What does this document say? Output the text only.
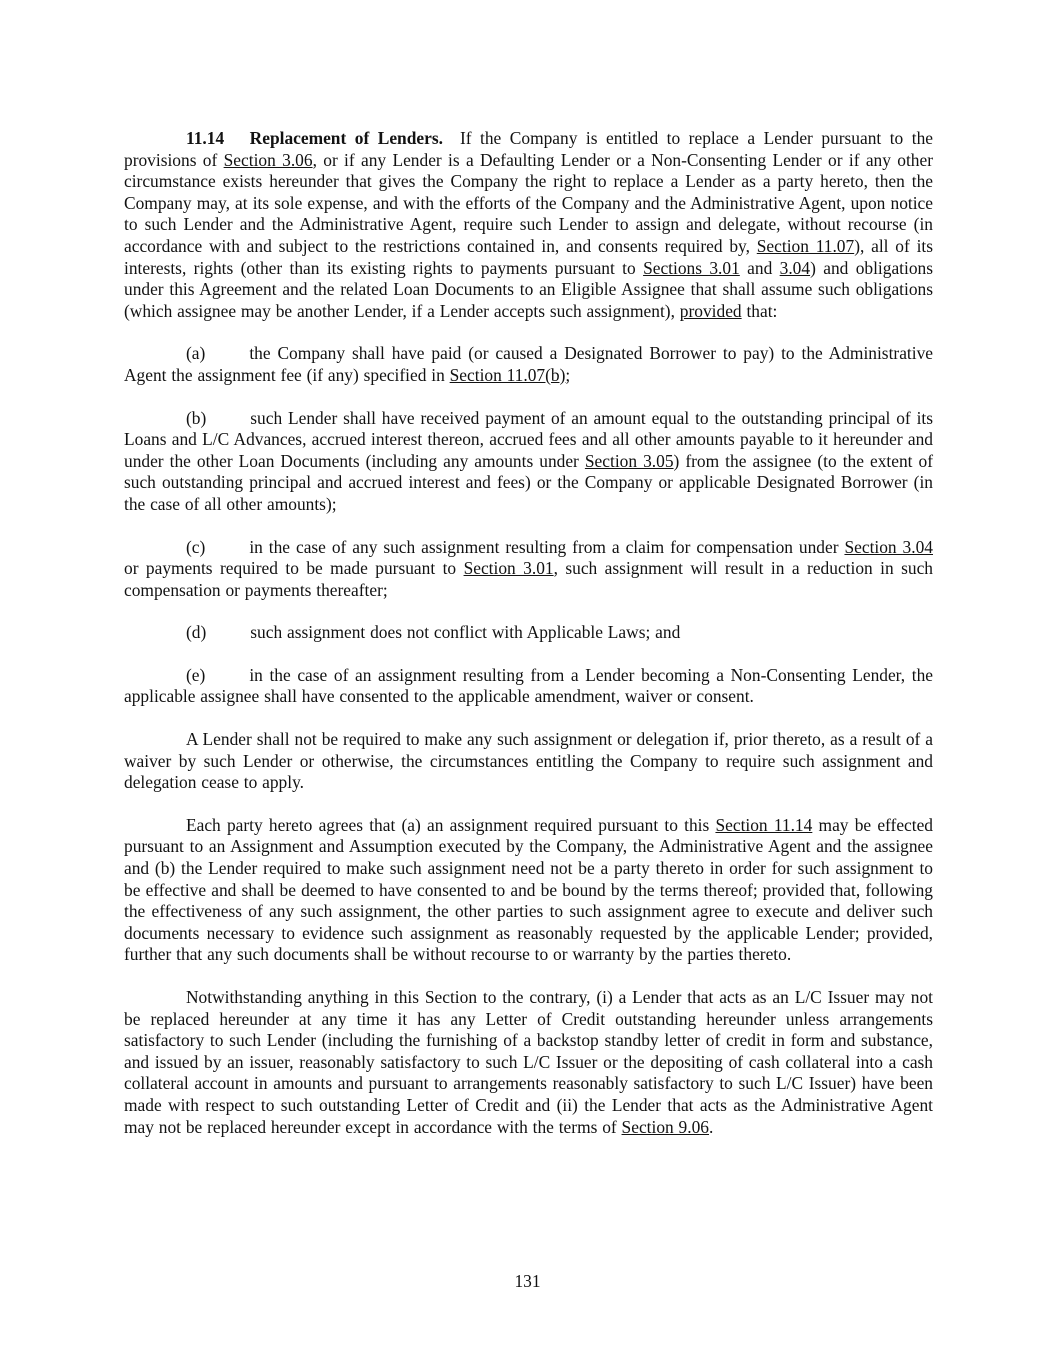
11.14   Replacement of Lenders.  If the Company is entitled to replace a Lender pursuant to the provisions of Section 3.06, or if any Lender is a Defaulting Lender or a Non-Consenting Lender or if any other circumstance exists hereunder that gives the Company the right to replace a Lender as a party hereto, then the Company may, at its sole expense, and with the efforts of the Company and the Administrative Agent, upon notice to such Lender and the Administrative Agent, require such Lender to assign and delegate, without recourse (in accordance with and subject to the restrictions contained in, and consents required by, Section 11.07), all of its interests, rights (other than its existing rights to payments pursuant to Sections 3.01 and 3.04) and obligations under this Agreement and the related Loan Documents to an Eligible Assignee that shall assume such obligations (which assignee may be another Lender, if a Lender accepts such assignment), provided that:

(a)	the Company shall have paid (or caused a Designated Borrower to pay) to the Administrative Agent the assignment fee (if any) specified in Section 11.07(b);

(b)	such Lender shall have received payment of an amount equal to the outstanding principal of its Loans and L/C Advances, accrued interest thereon, accrued fees and all other amounts payable to it hereunder and under the other Loan Documents (including any amounts under Section 3.05) from the assignee (to the extent of such outstanding principal and accrued interest and fees) or the Company or applicable Designated Borrower (in the case of all other amounts);

(c)	in the case of any such assignment resulting from a claim for compensation under Section 3.04 or payments required to be made pursuant to Section 3.01, such assignment will result in a reduction in such compensation or payments thereafter;

(d)	such assignment does not conflict with Applicable Laws; and

(e)	in the case of an assignment resulting from a Lender becoming a Non-Consenting Lender, the applicable assignee shall have consented to the applicable amendment, waiver or consent.

A Lender shall not be required to make any such assignment or delegation if, prior thereto, as a result of a waiver by such Lender or otherwise, the circumstances entitling the Company to require such assignment and delegation cease to apply.

Each party hereto agrees that (a) an assignment required pursuant to this Section 11.14 may be effected pursuant to an Assignment and Assumption executed by the Company, the Administrative Agent and the assignee and (b) the Lender required to make such assignment need not be a party thereto in order for such assignment to be effective and shall be deemed to have consented to and be bound by the terms thereof; provided that, following the effectiveness of any such assignment, the other parties to such assignment agree to execute and deliver such documents necessary to evidence such assignment as reasonably requested by the applicable Lender; provided, further that any such documents shall be without recourse to or warranty by the parties thereto.

Notwithstanding anything in this Section to the contrary, (i) a Lender that acts as an L/C Issuer may not be replaced hereunder at any time it has any Letter of Credit outstanding hereunder unless arrangements satisfactory to such Lender (including the furnishing of a backstop standby letter of credit in form and substance, and issued by an issuer, reasonably satisfactory to such L/C Issuer or the depositing of cash collateral into a cash collateral account in amounts and pursuant to arrangements reasonably satisfactory to such L/C Issuer) have been made with respect to such outstanding Letter of Credit and (ii) the Lender that acts as the Administrative Agent may not be replaced hereunder except in accordance with the terms of Section 9.06.

131
